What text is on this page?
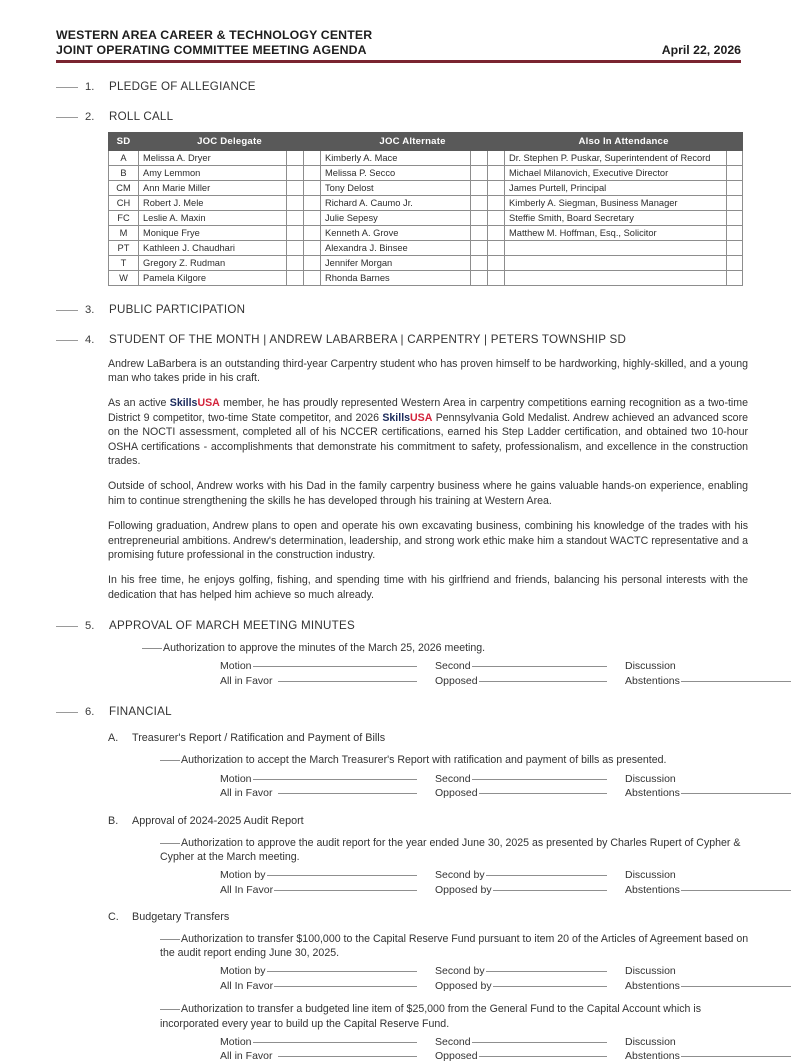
WESTERN AREA CAREER & TECHNOLOGY CENTER
JOINT OPERATING COMMITTEE MEETING AGENDA	April 22, 2026
1.	PLEDGE OF ALLEGIANCE
2.	ROLL CALL
SD	JOC Delegate			JOC Alternate			Also In Attendance	
A	Melissa A. Dryer			Kimberly A. Mace			Dr. Stephen P. Puskar, Superintendent of Record	
B	Amy Lemmon			Melissa P. Secco			Michael Milanovich, Executive Director	
CM	Ann Marie Miller			Tony Delost			James Purtell, Principal	
CH	Robert J. Mele			Richard A. Caumo Jr.			Kimberly A. Siegman, Business Manager	
FC	Leslie A. Maxin			Julie Sepesy			Steffie Smith, Board Secretary	
M	Monique Frye			Kenneth A. Grove			Matthew M. Hoffman, Esq., Solicitor	
PT	Kathleen J. Chaudhari			Alexandra J. Binsee				
T	Gregory Z. Rudman			Jennifer Morgan				
W	Pamela Kilgore			Rhonda Barnes				
3.	PUBLIC PARTICIPATION
4.	STUDENT OF THE MONTH | ANDREW LABARBERA | CARPENTRY | PETERS TOWNSHIP SD
Andrew LaBarbera is an outstanding third-year Carpentry student who has proven himself to be hardworking, highly-skilled, and a young man who takes pride in his craft.
As an active SkillsUSA member, he has proudly represented Western Area in carpentry competitions earning recognition as a two-time District 9 competitor, two-time State competitor, and 2026 SkillsUSA Pennsylvania Gold Medalist. Andrew achieved an advanced score on the NOCTI assessment, completed all of his NCCER certifications, earned his Step Ladder certification, and obtained two 10-hour OSHA certifications - accomplishments that demonstrate his commitment to safety, professionalism, and excellence in the construction trades.
Outside of school, Andrew works with his Dad in the family carpentry business where he gains valuable hands-on experience, enabling him to continue strengthening the skills he has developed through his training at Western Area.
Following graduation, Andrew plans to open and operate his own excavating business, combining his knowledge of the trades with his entrepreneurial ambitions. Andrew's determination, leadership, and strong work ethic make him a standout WACTC representative and a promising future professional in the construction industry.
In his free time, he enjoys golfing, fishing, and spending time with his girlfriend and friends, balancing his personal interests with the dedication that has helped him achieve so much already.
5.	APPROVAL OF MARCH MEETING MINUTES
Authorization to approve the minutes of the March 25, 2026 meeting.
Motion	Second	Discussion
All in Favor	Opposed	Abstentions
6.	FINANCIAL
A.	Treasurer's Report / Ratification and Payment of Bills
Authorization to accept the March Treasurer's Report with ratification and payment of bills as presented.
Motion	Second	Discussion
All in Favor	Opposed	Abstentions
B.	Approval of 2024-2025 Audit Report
Authorization to approve the audit report for the year ended June 30, 2025 as presented by Charles Rupert of Cypher & Cypher at the March meeting.
Motion by	Second by	Discussion
All In Favor	Opposed by	Abstentions
C.	Budgetary Transfers
Authorization to transfer $100,000 to the Capital Reserve Fund pursuant to item 20 of the Articles of Agreement based on the audit report ending June 30, 2025.
Motion by	Second by	Discussion
All In Favor	Opposed by	Abstentions
Authorization to transfer a budgeted line item of $25,000 from the General Fund to the Capital Account which is incorporated every year to build up the Capital Reserve Fund.
Motion	Second	Discussion
All in Favor	Opposed	Abstentions
